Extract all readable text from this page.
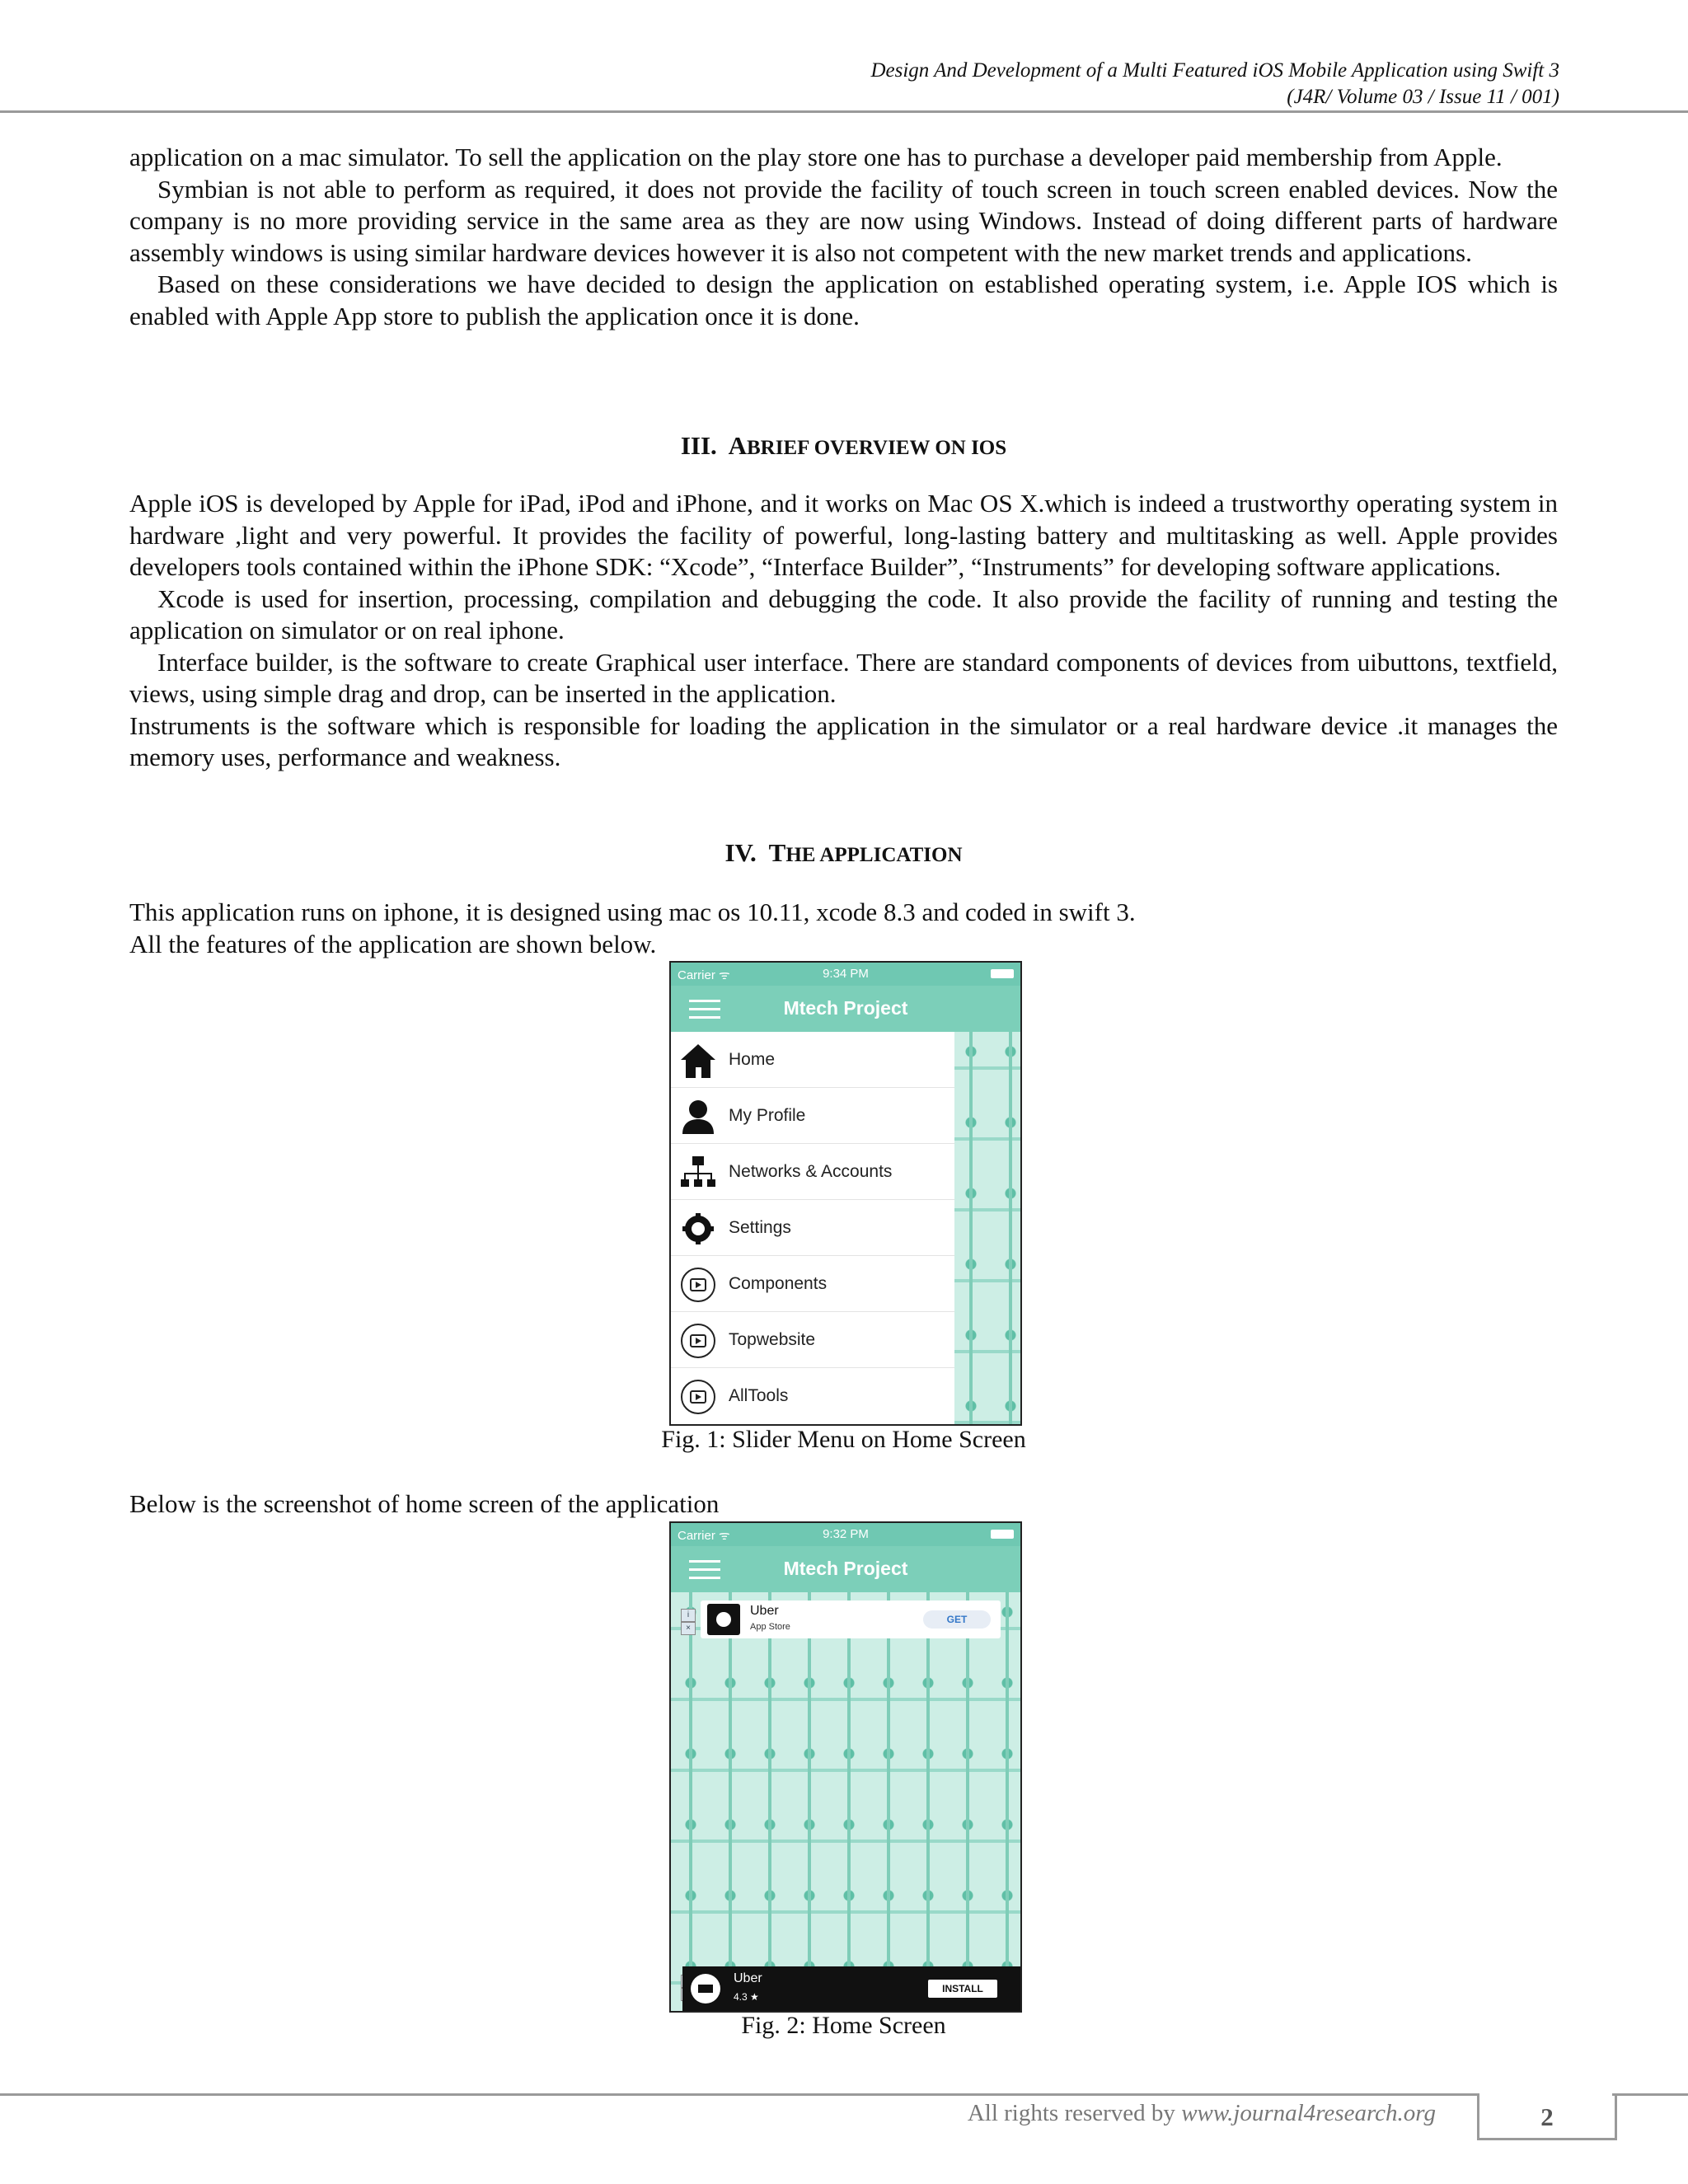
Design And Development of a Multi Featured iOS Mobile Application using Swift 3
(J4R/ Volume 03 / Issue 11 / 001)

application on a mac simulator. To sell the application on the play store one has to purchase a developer paid membership from Apple.

Symbian is not able to perform as required, it does not provide the facility of touch screen in touch screen enabled devices. Now the company is no more providing service in the same area as they are now using Windows. Instead of doing different parts of hardware assembly windows is using similar hardware devices however it is also not competent with the new market trends and applications.

Based on these considerations we have decided to design the application on established operating system, i.e. Apple IOS which is enabled with Apple App store to publish the application once it is done.

III. ABRIEF OVERVIEW ON IOS

Apple iOS is developed by Apple for iPad, iPod and iPhone, and it works on Mac OS X.which is indeed a trustworthy operating system in hardware ,light and very powerful. It provides the facility of powerful, long-lasting battery and multitasking as well. Apple provides developers tools contained within the iPhone SDK: “Xcode”, “Interface Builder”, “Instruments” for developing software applications.

Xcode is used for insertion, processing, compilation and debugging the code. It also provide the facility of running and testing the application on simulator or on real iphone.

Interface builder, is the software to create Graphical user interface. There are standard components of devices from uibuttons, textfield, views, using simple drag and drop, can be inserted in the application.

Instruments is the software which is responsible for loading the application in the simulator or a real hardware device .it manages the memory uses, performance and weakness.

IV. THE APPLICATION

This application runs on iphone, it is designed using mac os 10.11, xcode 8.3 and coded in swift 3.

All the features of the application are shown below.

Carrier ᯤ	9:34 PM
Mtech Project
Home
My Profile
Networks & Accounts
Settings
Components
Topwebsite
AllTools
Fig. 1: Slider Menu on Home Screen
Below is the screenshot of home screen of the application
Carrier ᯤ	9:32 PM
Mtech Project
i
×
Uber
App Store
GET
Uber
4.3 ★
INSTALL
Fig. 2: Home Screen
All rights reserved by www.journal4research.org	2
